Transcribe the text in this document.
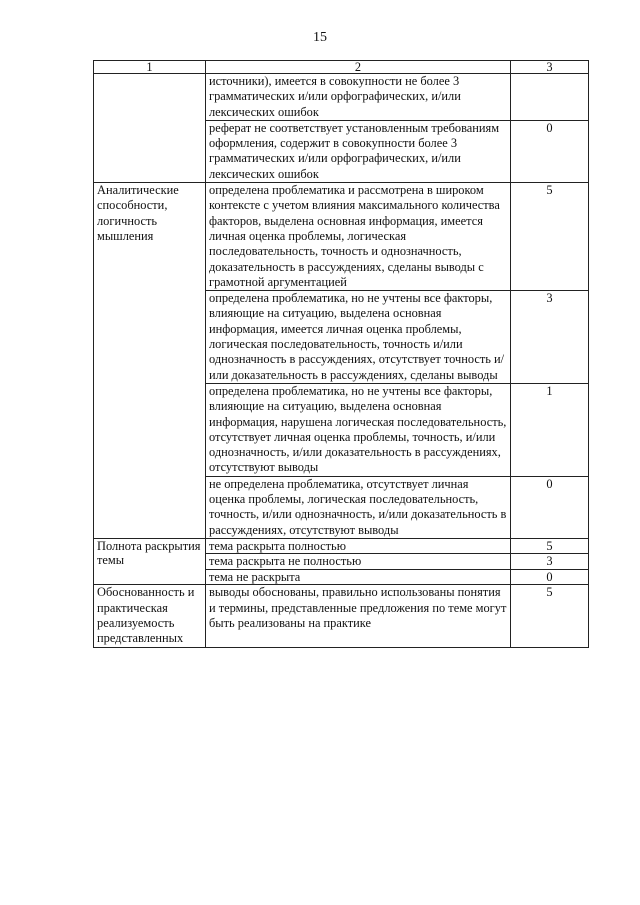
15
1	2	3
	источники), имеется в совокупности не более 3 грамматических и/или орфографических, и/или лексических ошибок	
	реферат не соответствует установленным требованиям оформления, содержит в совокупности более 3 грамматических и/или орфографических, и/или лексических ошибок	0
Аналитические способности, логичность мышления	определена проблематика и рассмотрена в широком контексте с учетом влияния максимального количества факторов, выделена основная информация, имеется личная оценка проблемы, логическая последовательность, точность и однозначность, доказательность в рассуждениях, сделаны выводы с грамотной аргументацией	5
	определена проблематика, но не учтены все факторы, влияющие на ситуацию, выделена основная информация, имеется личная оценка проблемы, логическая последовательность, точность и/или однозначность в рассуждениях, отсутствует точность и/или доказательность в рассуждениях, сделаны выводы	3
	определена проблематика, но не учтены все факторы, влияющие на ситуацию, выделена основная информация, нарушена логическая последовательность, отсутствует личная оценка проблемы, точность, и/или однозначность, и/или доказательность в рассуждениях, отсутствуют выводы	1
	не определена проблематика, отсутствует личная оценка проблемы, логическая последовательность, точность, и/или однозначность, и/или доказательность в рассуждениях, отсутствуют выводы	0
Полнота раскрытия темы	тема раскрыта полностью	5
	тема раскрыта не полностью	3
	тема не раскрыта	0
Обоснованность и практическая реализуемость представленных	выводы обоснованы, правильно использованы понятия и термины, представленные предложения по теме могут быть реализованы на практике	5
